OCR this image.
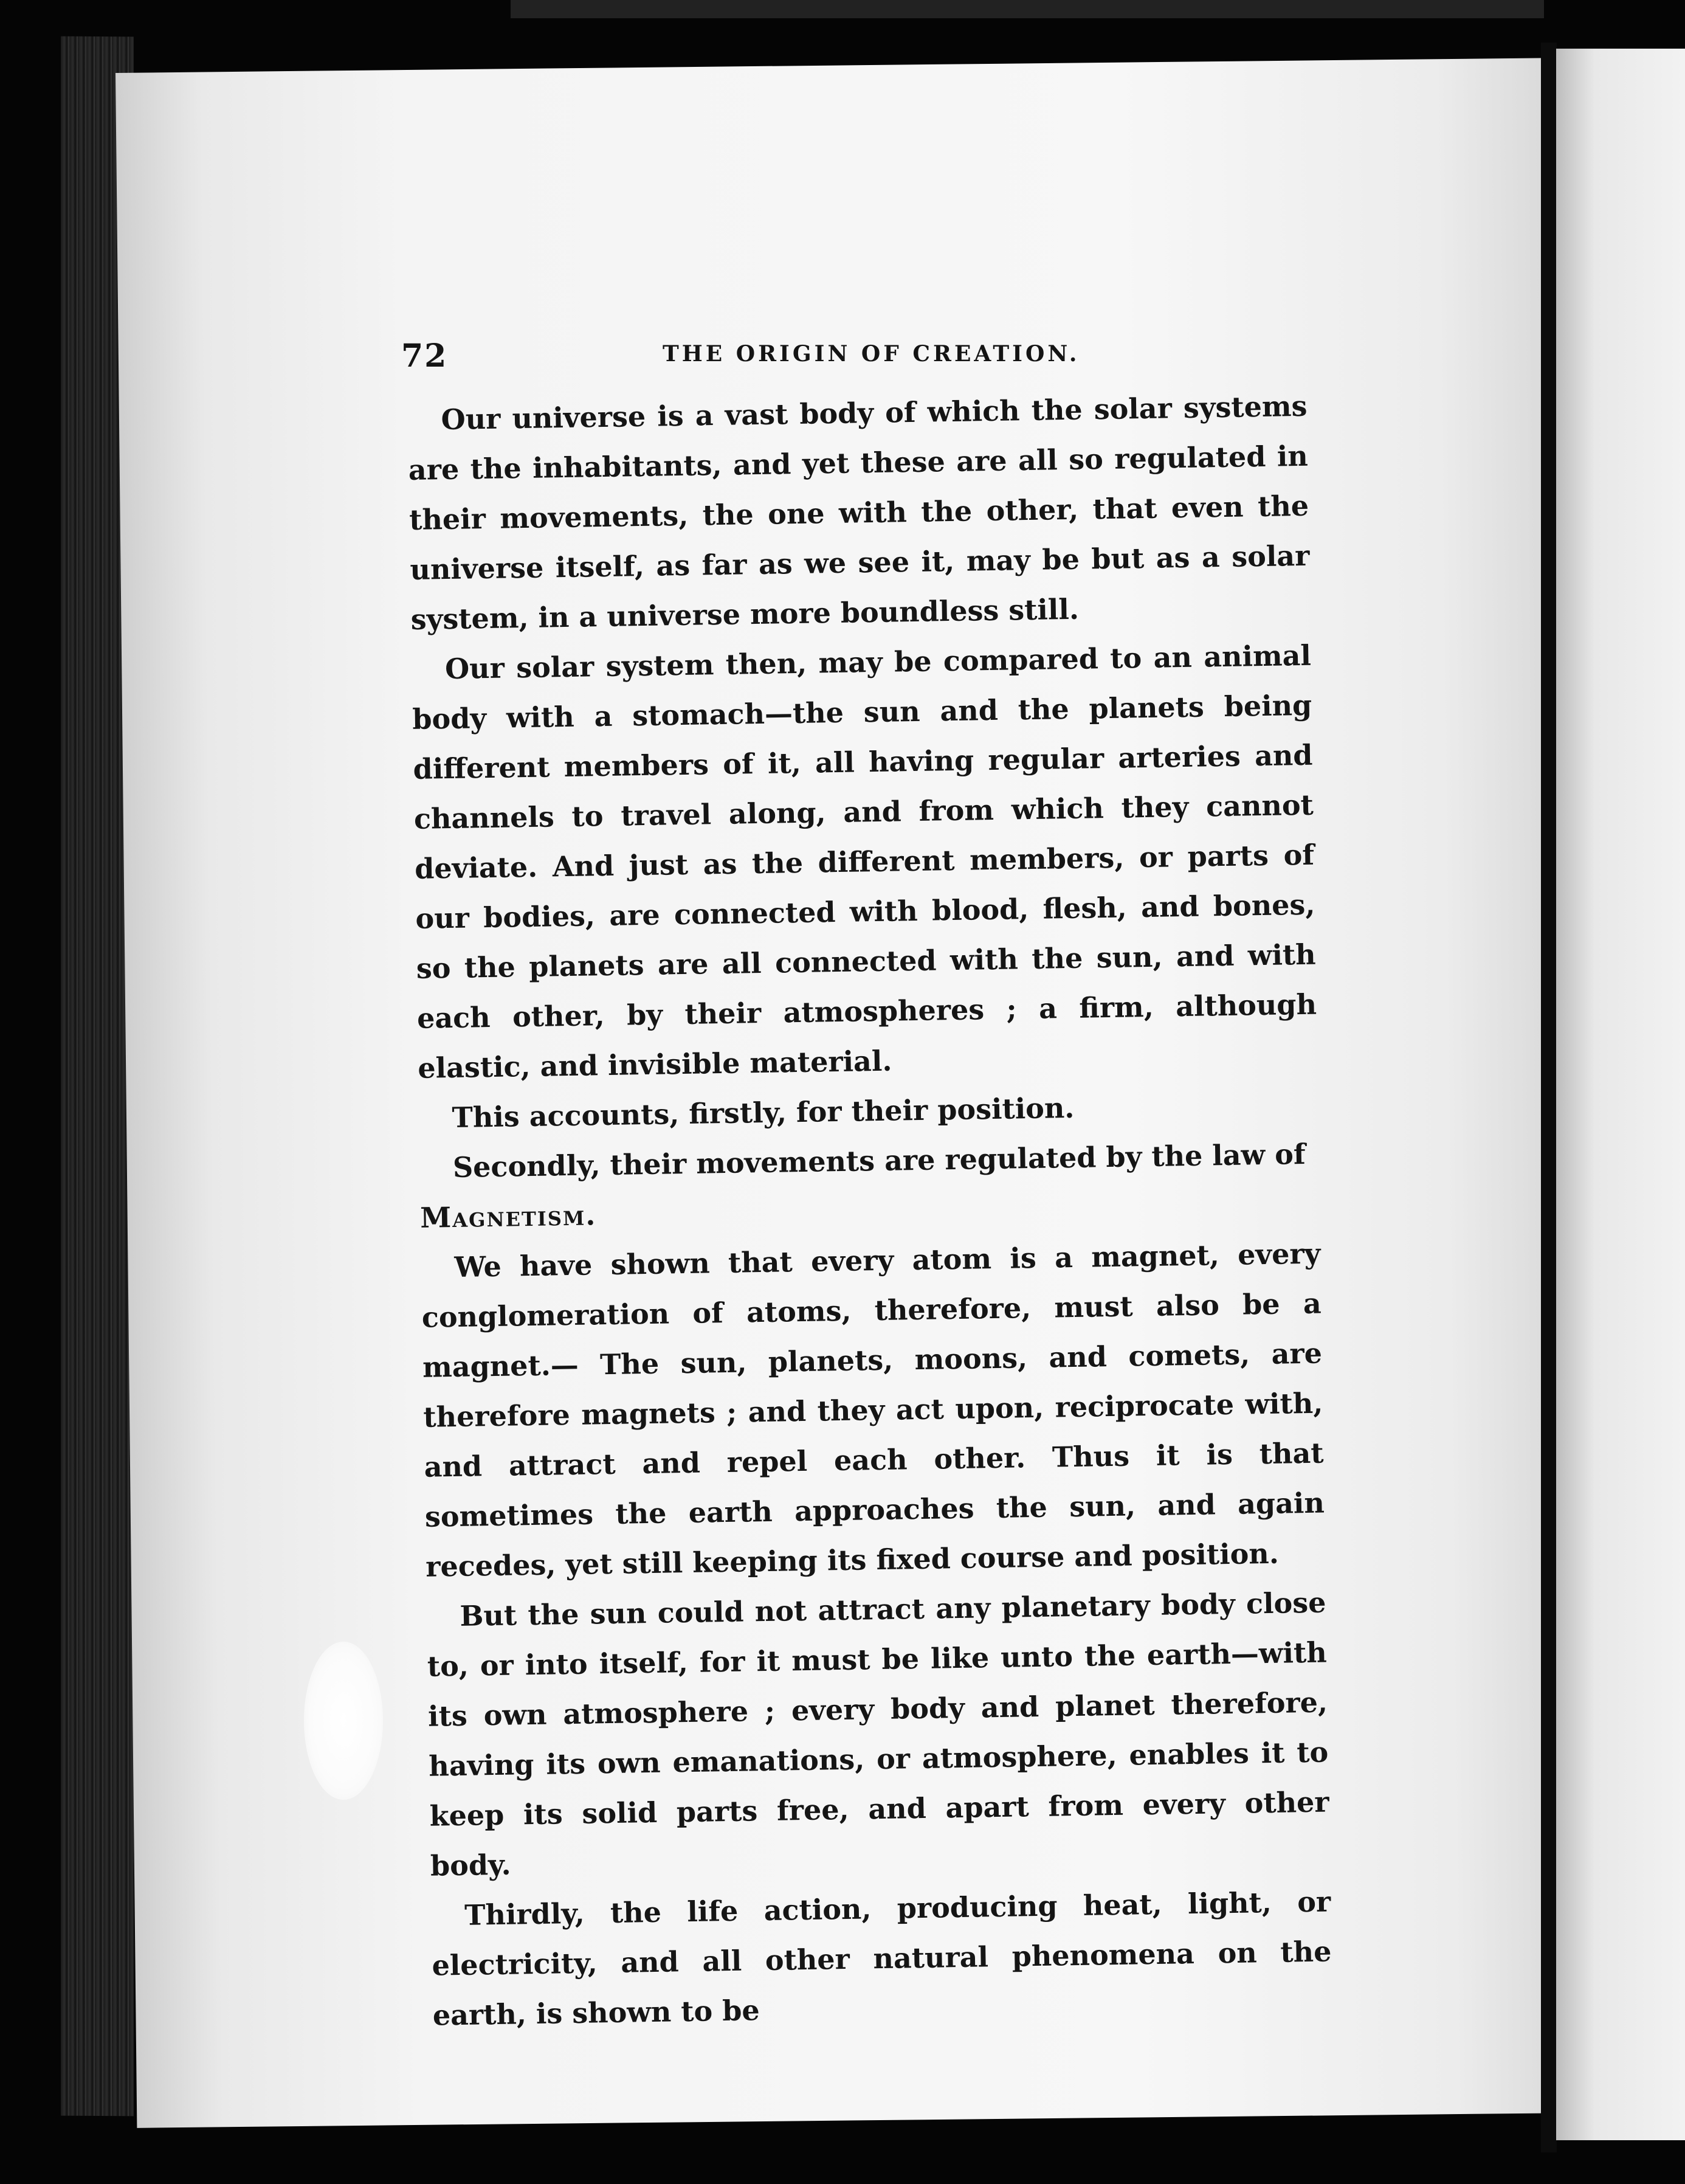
72	THE ORIGIN OF CREATION.

Our universe is a vast body of which the solar systems are the inhabitants, and yet these are all so regulated in their movements, the one with the other, that even the universe itself, as far as we see it, may be but as a solar system, in a universe more boundless still.

Our solar system then, may be compared to an animal body with a stomach—the sun and the planets being different members of it, all having regular arteries and channels to travel along, and from which they cannot deviate. And just as the different members, or parts of our bodies, are connected with blood, flesh, and bones, so the planets are all connected with the sun, and with each other, by their atmospheres ; a firm, although elastic, and invisible material.

This accounts, firstly, for their position.

Secondly, their movements are regulated by the law of

Magnetism.

We have shown that every atom is a magnet, every conglomeration of atoms, therefore, must also be a magnet.— The sun, planets, moons, and comets, are therefore magnets ; and they act upon, reciprocate with, and attract and repel each other. Thus it is that sometimes the earth approaches the sun, and again recedes, yet still keeping its fixed course and position.

But the sun could not attract any planetary body close to, or into itself, for it must be like unto the earth—with its own atmosphere ; every body and planet therefore, having its own emanations, or atmosphere, enables it to keep its solid parts free, and apart from every other body.

Thirdly, the life action, producing heat, light, or electricity, and all other natural phenomena on the earth, is shown to be
